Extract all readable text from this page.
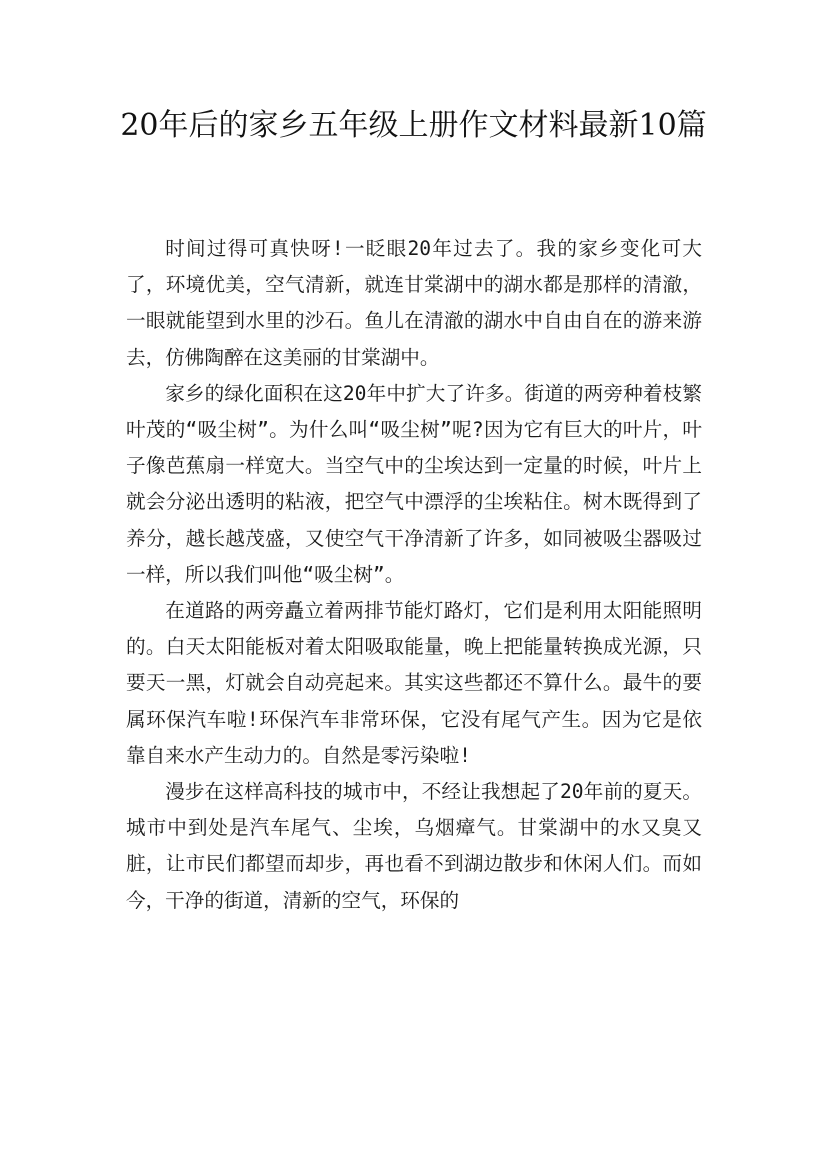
20年后的家乡五年级上册作文材料最新10篇

时间过得可真快呀!一眨眼20年过去了。我的家乡变化可大了，环境优美，空气清新，就连甘棠湖中的湖水都是那样的清澈，一眼就能望到水里的沙石。鱼儿在清澈的湖水中自由自在的游来游去，仿佛陶醉在这美丽的甘棠湖中。

家乡的绿化面积在这20年中扩大了许多。街道的两旁种着枝繁叶茂的“吸尘树”。为什么叫“吸尘树”呢?因为它有巨大的叶片，叶子像芭蕉扇一样宽大。当空气中的尘埃达到一定量的时候，叶片上就会分泌出透明的粘液，把空气中漂浮的尘埃粘住。树木既得到了养分，越长越茂盛，又使空气干净清新了许多，如同被吸尘器吸过一样，所以我们叫他“吸尘树”。

在道路的两旁矗立着两排节能灯路灯，它们是利用太阳能照明的。白天太阳能板对着太阳吸取能量，晚上把能量转换成光源，只要天一黑，灯就会自动亮起来。其实这些都还不算什么。最牛的要属环保汽车啦!环保汽车非常环保，它没有尾气产生。因为它是依靠自来水产生动力的。自然是零污染啦!

漫步在这样高科技的城市中，不经让我想起了20年前的夏天。城市中到处是汽车尾气、尘埃，乌烟瘴气。甘棠湖中的水又臭又脏，让市民们都望而却步，再也看不到湖边散步和休闲人们。而如今，干净的街道，清新的空气，环保的
